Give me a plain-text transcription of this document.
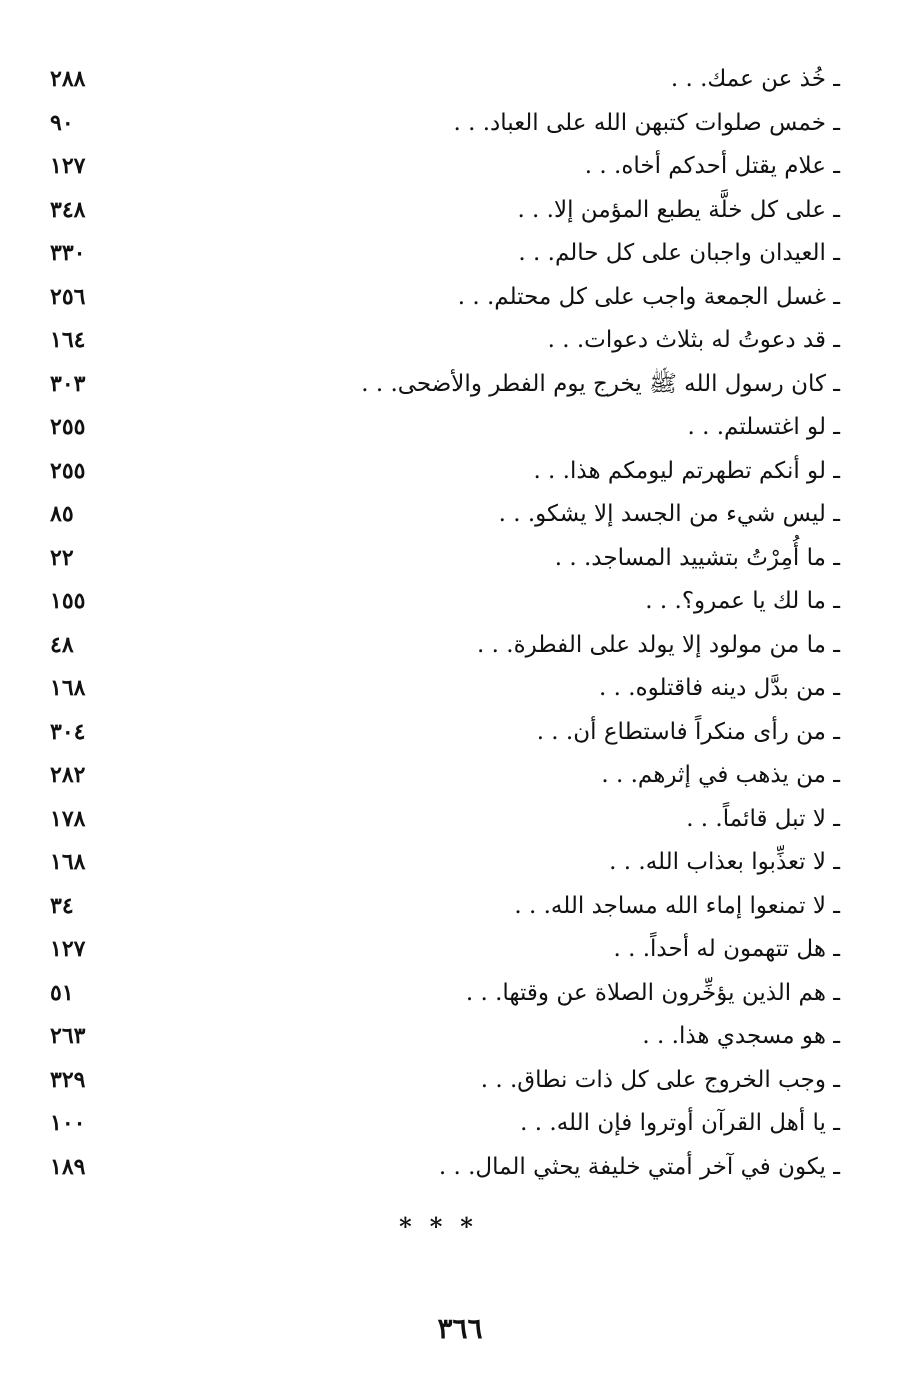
ـ خُذ عن عمك. . .
٢٨٨
ـ خمس صلوات كتبهن الله على العباد. . .
٩٠
ـ علام يقتل أحدكم أخاه. . .
١٢٧
ـ على كل خلَّة يطبع المؤمن إلا. . .
٣٤٨
ـ العيدان واجبان على كل حالم. . .
٣٣٠
ـ غسل الجمعة واجب على كل محتلم. . .
٢٥٦
ـ قد دعوتُ له بثلاث دعوات. . .
١٦٤
ـ كان رسول الله ﷺ يخرج يوم الفطر والأضحى. . .
٣٠٣
ـ لو اغتسلتم. . .
٢٥٥
ـ لو أنكم تطهرتم ليومكم هذا. . .
٢٥٥
ـ ليس شيء من الجسد إلا يشكو. . .
٨٥
ـ ما أُمِرْتُ بتشييد المساجد. . .
٢٢
ـ ما لك يا عمرو؟. . .
١٥٥
ـ ما من مولود إلا يولد على الفطرة. . .
٤٨
ـ من بدَّل دينه فاقتلوه. . .
١٦٨
ـ من رأى منكراً فاستطاع أن. . .
٣٠٤
ـ من يذهب في إثرهم. . .
٢٨٢
ـ لا تبل قائماً. . .
١٧٨
ـ لا تعذِّبوا بعذاب الله. . .
١٦٨
ـ لا تمنعوا إماء الله مساجد الله. . .
٣٤
ـ هل تتهمون له أحداً. . .
١٢٧
ـ هم الذين يؤخِّرون الصلاة عن وقتها. . .
٥١
ـ هو مسجدي هذا. . .
٢٦٣
ـ وجب الخروج على كل ذات نطاق. . .
٣٢٩
ـ يا أهل القرآن أوتروا فإن الله. . .
١٠٠
ـ يكون في آخر أمتي خليفة يحثي المال. . .
١٨٩
***
٣٦٦
